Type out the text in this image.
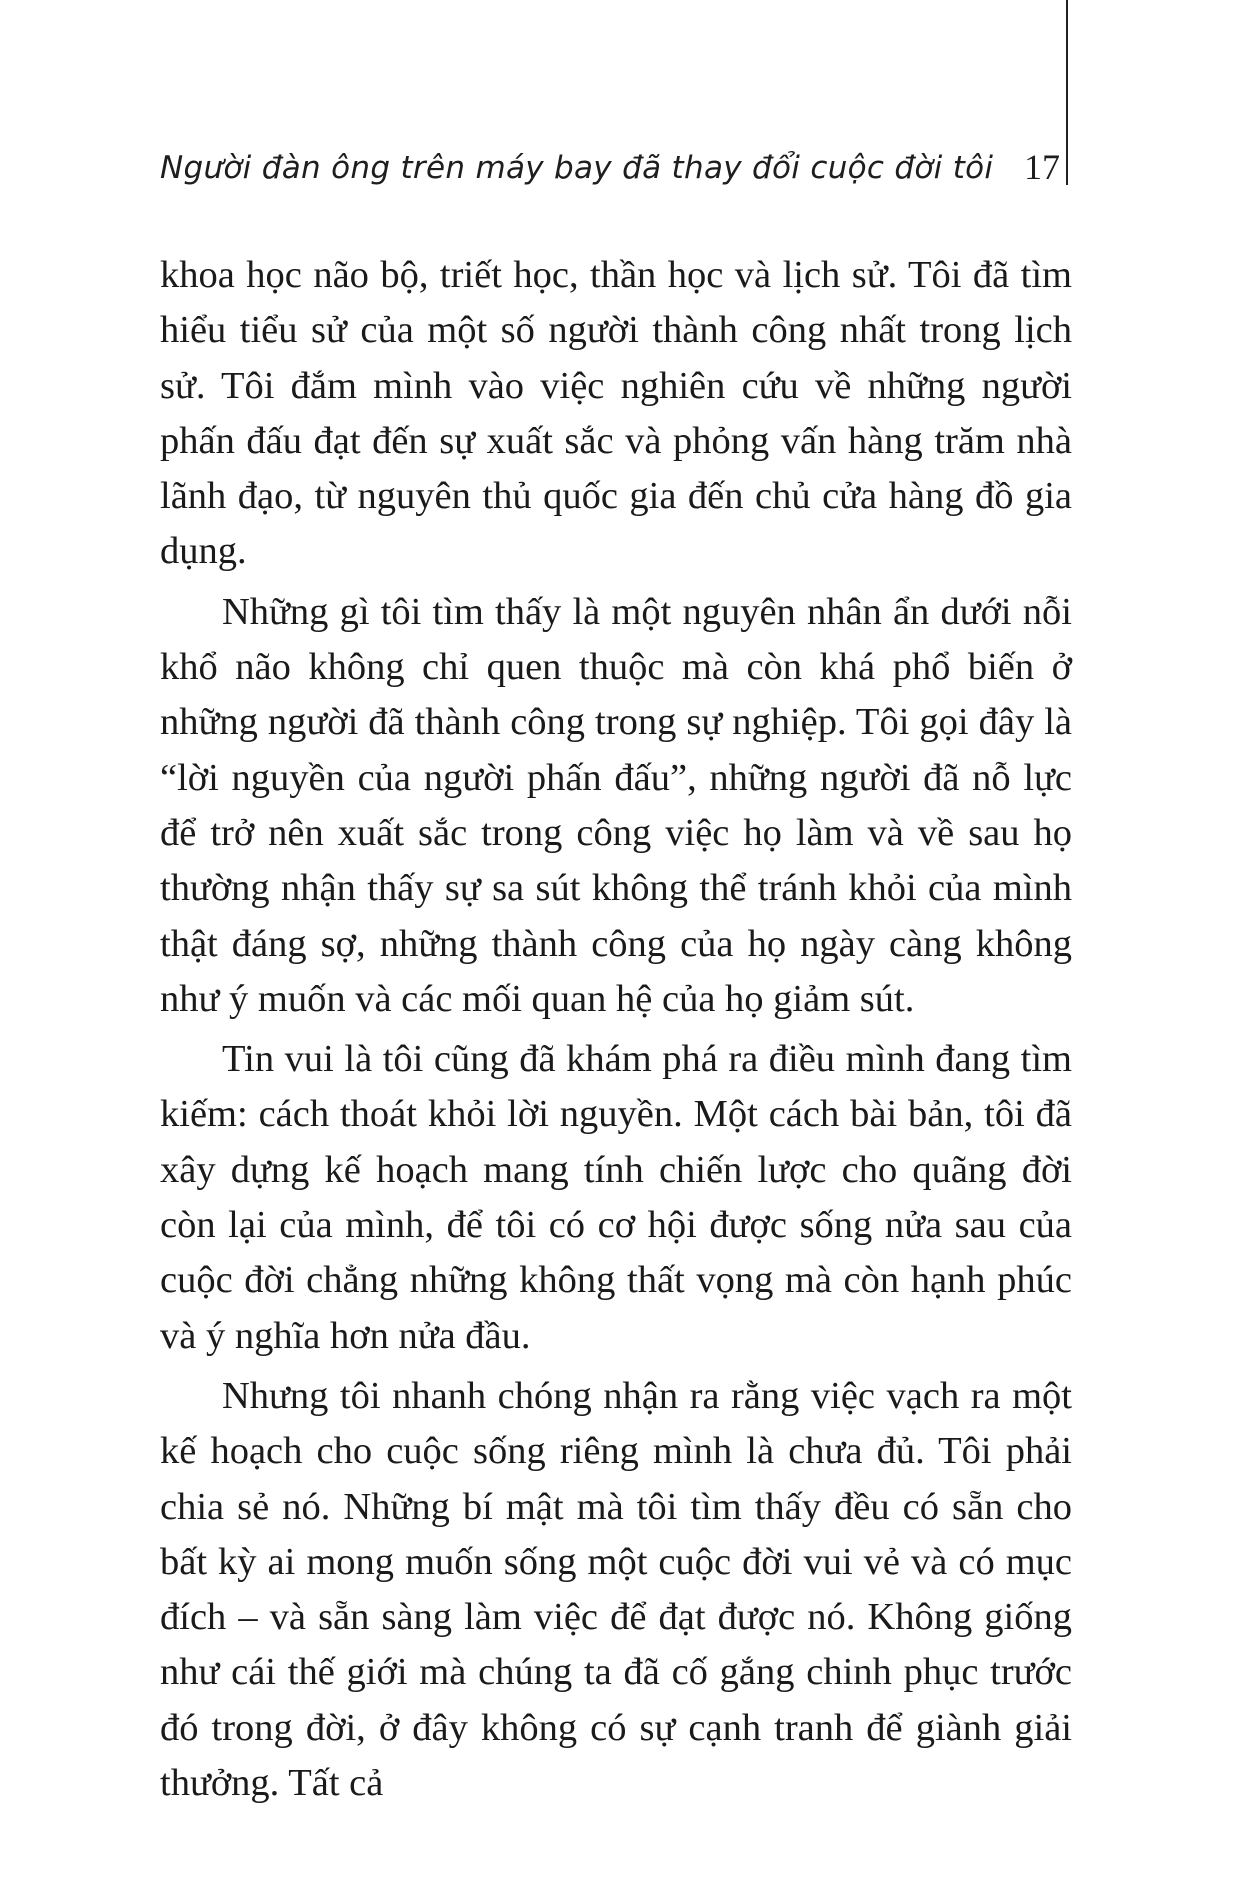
Người đàn ông trên máy bay đã thay đổi cuộc đời tôi 17

khoa học não bộ, triết học, thần học và lịch sử. Tôi đã tìm hiểu tiểu sử của một số người thành công nhất trong lịch sử. Tôi đắm mình vào việc nghiên cứu về những người phấn đấu đạt đến sự xuất sắc và phỏng vấn hàng trăm nhà lãnh đạo, từ nguyên thủ quốc gia đến chủ cửa hàng đồ gia dụng.

Những gì tôi tìm thấy là một nguyên nhân ẩn dưới nỗi khổ não không chỉ quen thuộc mà còn khá phổ biến ở những người đã thành công trong sự nghiệp. Tôi gọi đây là “lời nguyền của người phấn đấu”, những người đã nỗ lực để trở nên xuất sắc trong công việc họ làm và về sau họ thường nhận thấy sự sa sút không thể tránh khỏi của mình thật đáng sợ, những thành công của họ ngày càng không như ý muốn và các mối quan hệ của họ giảm sút.

Tin vui là tôi cũng đã khám phá ra điều mình đang tìm kiếm: cách thoát khỏi lời nguyền. Một cách bài bản, tôi đã xây dựng kế hoạch mang tính chiến lược cho quãng đời còn lại của mình, để tôi có cơ hội được sống nửa sau của cuộc đời chẳng những không thất vọng mà còn hạnh phúc và ý nghĩa hơn nửa đầu.

Nhưng tôi nhanh chóng nhận ra rằng việc vạch ra một kế hoạch cho cuộc sống riêng mình là chưa đủ. Tôi phải chia sẻ nó. Những bí mật mà tôi tìm thấy đều có sẵn cho bất kỳ ai mong muốn sống một cuộc đời vui vẻ và có mục đích – và sẵn sàng làm việc để đạt được nó. Không giống như cái thế giới mà chúng ta đã cố gắng chinh phục trước đó trong đời, ở đây không có sự cạnh tranh để giành giải thưởng. Tất cả
